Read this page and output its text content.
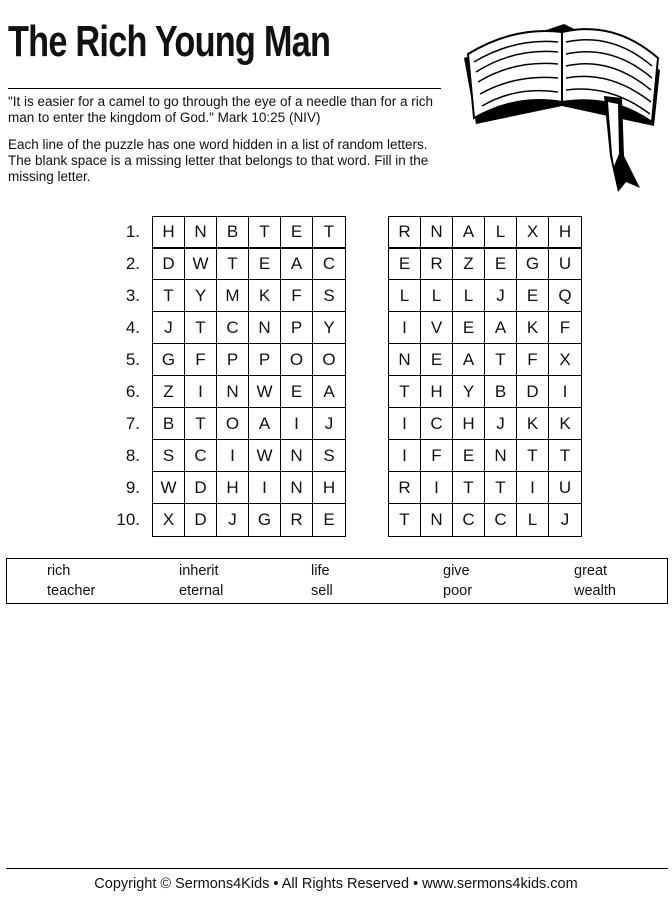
The Rich Young Man
"It is easier for a camel to go through the eye of a needle than for a rich man to enter the kingdom of God." Mark 10:25 (NIV)
Each line of the puzzle has one word hidden in a list of random letters. The blank space is a missing letter that belongs to that word. Fill in the missing letter.
1.	H	N	B	T	E	T	R	N	A	L	X	H
2.	D	W	T	E	A	C	E	R	Z	E	G	U
3.	T	Y	M	K	F	S	L	L	L	J	E	Q
4.	J	T	C	N	P	Y	I	V	E	A	K	F
5.	G	F	P	P	O	O	N	E	A	T	F	X
6.	Z	I	N	W	E	A	T	H	Y	B	D	I
7.	B	T	O	A	I	J	I	C	H	J	K	K
8.	S	C	I	W	N	S	I	F	E	N	T	T
9.	W	D	H	I	N	H	R	I	T	T	I	U
10.	X	D	J	G	R	E	T	N	C	C	L	J
rich	inherit	life	give	great
teacher	eternal	sell	poor	wealth
Copyright © Sermons4Kids • All Rights Reserved • www.sermons4kids.com
